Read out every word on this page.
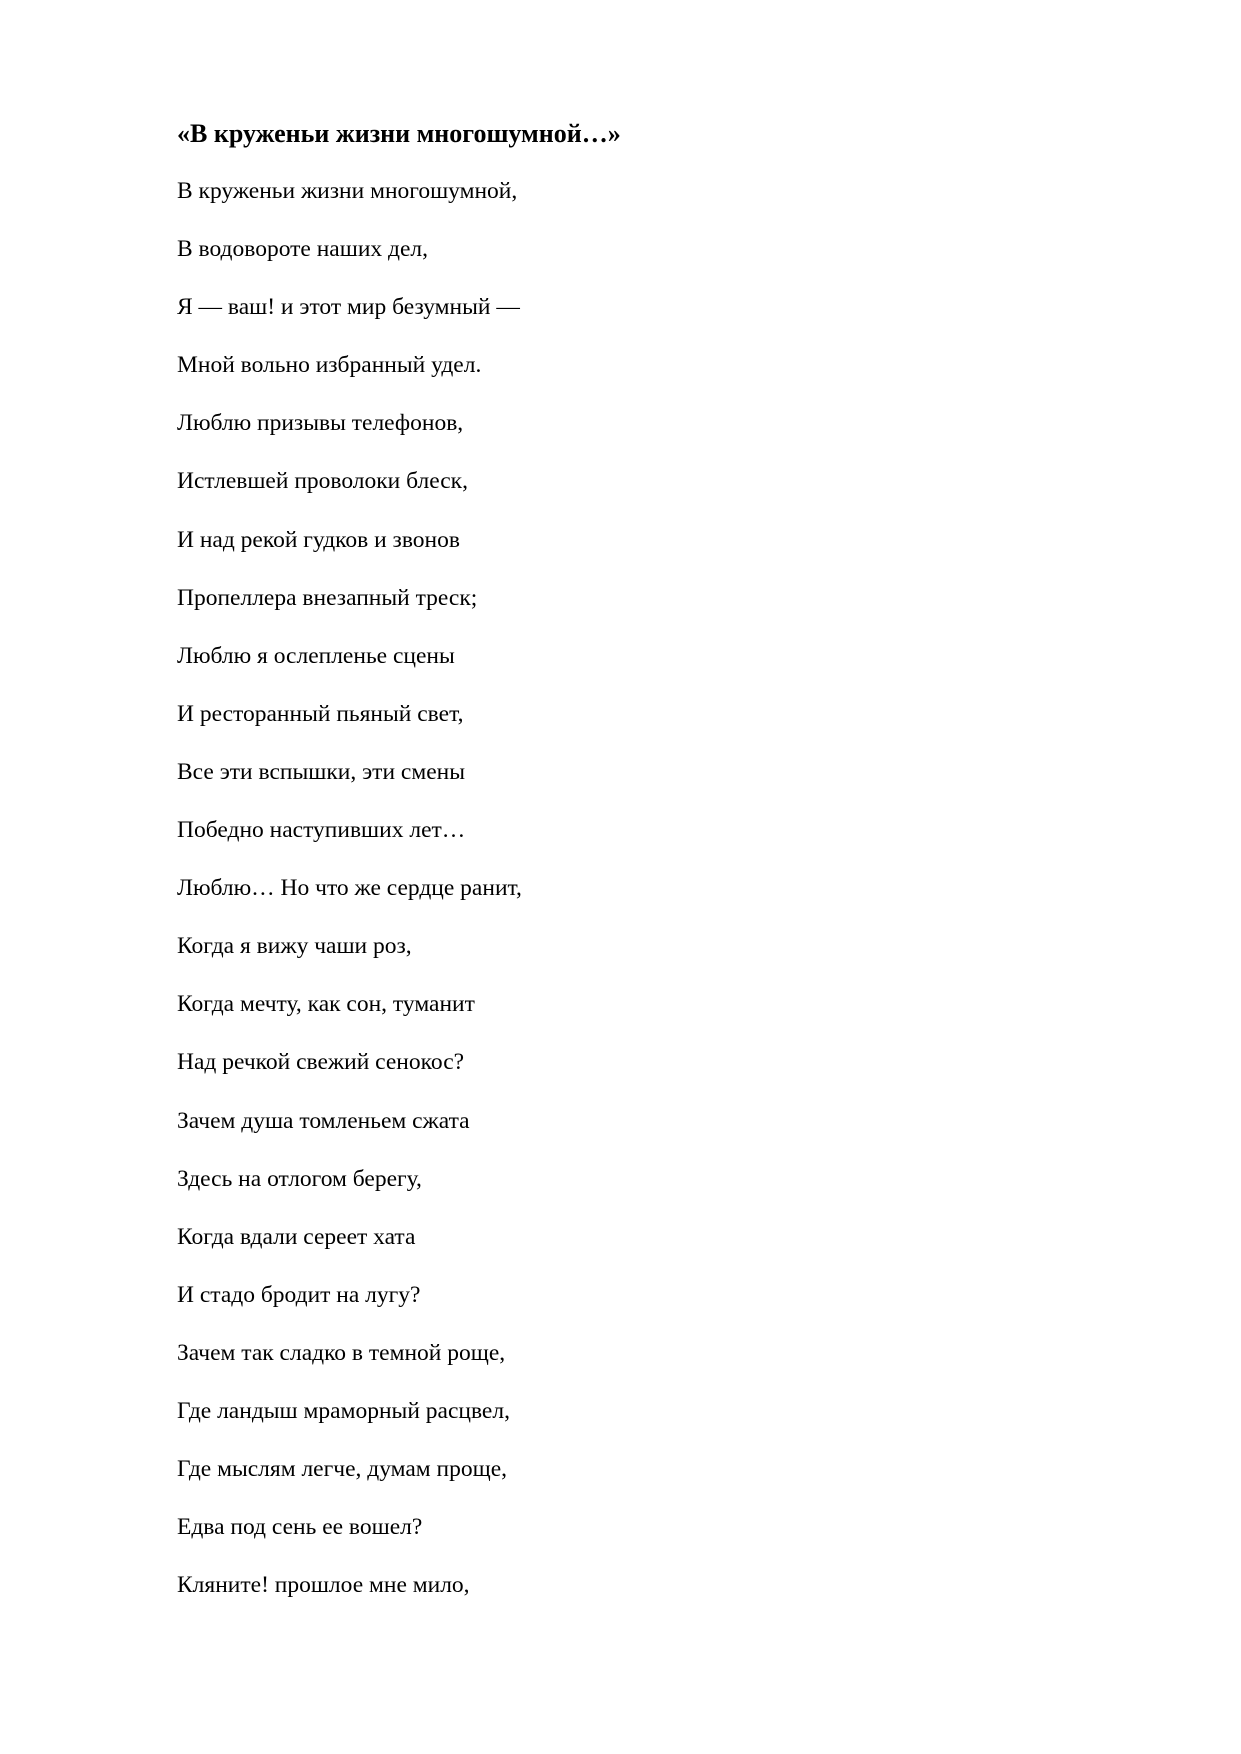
«В круженьи жизни многошумной…»
В круженьи жизни многошумной,
В водовороте наших дел,
Я — ваш! и этот мир безумный —
Мной вольно избранный удел.
Люблю призывы телефонов,
Истлевшей проволоки блеск,
И над рекой гудков и звонов
Пропеллера внезапный треск;
Люблю я ослепленье сцены
И ресторанный пьяный свет,
Все эти вспышки, эти смены
Победно наступивших лет…
Люблю… Но что же сердце ранит,
Когда я вижу чаши роз,
Когда мечту, как сон, туманит
Над речкой свежий сенокос?
Зачем душа томленьем сжата
Здесь на отлогом берегу,
Когда вдали сереет хата
И стадо бродит на лугу?
Зачем так сладко в темной роще,
Где ландыш мраморный расцвел,
Где мыслям легче, думам проще,
Едва под сень ее вошел?
Кляните! прошлое мне мило,
